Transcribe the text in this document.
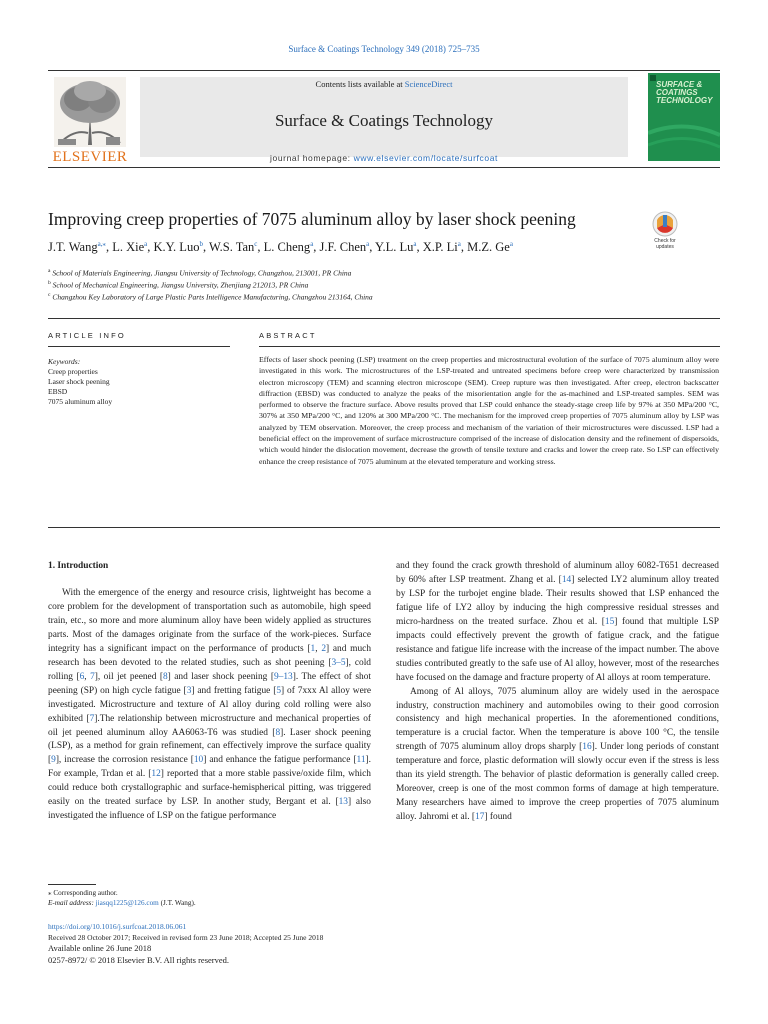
Surface & Coatings Technology 349 (2018) 725–735
ELSEVIER
Contents lists available at ScienceDirect
Surface & Coatings Technology
journal homepage: www.elsevier.com/locate/surfcoat
SURFACE & COATINGS TECHNOLOGY
Improving creep properties of 7075 aluminum alloy by laser shock peening
Check for updates
J.T. Wang$^{a,⁎}$, L. Xie$^a$, K.Y. Luo$^b$, W.S. Tan$^c$, L. Cheng$^a$, J.F. Chen$^a$, Y.L. Lu$^a$, X.P. Li$^a$, M.Z. Ge$^a$
$^a$ School of Materials Engineering, Jiangsu University of Technology, Changzhou, 213001, PR China
$^b$ School of Mechanical Engineering, Jiangsu University, Zhenjiang 212013, PR China
$^c$ Changzhou Key Laboratory of Large Plastic Parts Intelligence Manufacturing, Changzhou 213164, China
ARTICLE INFO	ABSTRACT
Keywords:
Creep properties
Laser shock peening
EBSD
7075 aluminum alloy
Effects of laser shock peening (LSP) treatment on the creep properties and microstructural evolution of the surface of 7075 aluminum alloy were investigated in this work. The microstructures of the LSP-treated and untreated specimens before creep were characterized by transmission electron microscopy (TEM) and scanning electron microscope (SEM). Creep rupture was then investigated. After creep, electron backscatter diffraction (EBSD) was conducted to analyze the peaks of the misorientation angle for the as-machined and LSP-treated samples. SEM was performed to observe the fracture surface. Above results proved that LSP could enhance the steady-stage creep life by 97% at 350 MPa/200 °C, 307% at 350 MPa/200 °C, and 120% at 300 MPa/200 °C. The mechanism for the improved creep properties of 7075 aluminum alloy by LSP was analyzed by TEM observation. Moreover, the creep process and mechanism of the variation of their microstructures were discussed. LSP had a beneficial effect on the improvement of surface microstructure comprised of the increase of dislocation density and the refinement of dispersoids, which would hinder the dislocation movement, decrease the growth of tensile texture and cracks and lower the creep rate. So LSP can effectively enhance the creep resistance of 7075 aluminum at the elevated temperature and working stress.
1. Introduction

With the emergence of the energy and resource crisis, lightweight has become a core problem for the development of transportation such as automobile, high speed train, etc., so more and more aluminum alloy have been widely applied as structures parts. Most of the damages originate from the surface of the work-pieces. Surface integrity has a significant impact on the performance of products [1, 2] and much research has been devoted to the related studies, such as shot peening [3–5], cold rolling [6, 7], oil jet peened [8] and laser shock peening [9–13]. The effect of shot peening (SP) on high cycle fatigue [3] and fretting fatigue [5] of 7xxx Al alloy were investigated. Microstructure and texture of Al alloy during cold rolling were also exhibited [7].The relationship between microstructure and mechanical properties of oil jet peened aluminum alloy AA6063-T6 was studied [8]. Laser shock peening (LSP), as a method for grain refinement, can effectively improve the surface quality [9], increase the corrosion resistance [10] and enhance the fatigue performance [11]. For example, Trdan et al. [12] reported that a more stable passive/oxide film, which could reduce both crystallographic and surface-hemispherical pitting, was triggered easily on the treated surface by LSP. In another study, Bergant et al. [13] also investigated the influence of LSP on the fatigue performance

and they found the crack growth threshold of aluminum alloy 6082-T651 decreased by 60% after LSP treatment. Zhang et al. [14] selected LY2 aluminum alloy treated by LSP for the turbojet engine blade. Their results showed that LSP enhanced the fatigue life of LY2 alloy by inducing the high compressive residual stresses and micro-hardness on the treated surface. Zhou et al. [15] found that multiple LSP impacts could effectively prevent the growth of fatigue crack, and the fatigue resistance and fatigue life increase with the increase of the impact number. The above studies contributed greatly to the safe use of Al alloy, however, most of the researches have focused on the damage and fracture property of Al alloys at room temperature.

Among of Al alloys, 7075 aluminum alloy are widely used in the aerospace industry, construction machinery and automobiles owing to their good corrosion consistency and high mechanical properties. In the aforementioned conditions, temperature is a crucial factor. When the temperature is above 100 °C, the tensile strength of 7075 aluminum alloy drops sharply [16]. Under long periods of constant temperature and force, plastic deformation will slowly occur even if the stress is less than its yield strength. The behavior of plastic deformation is generally called creep. Moreover, creep is one of the most common forms of damage at high temperature. Many researchers have aimed to improve the creep properties of 7075 aluminum alloy. Jahromi et al. [17] found

⁎ Corresponding author.
E-mail address: jiasqq1225@126.com (J.T. Wang).
https://doi.org/10.1016/j.surfcoat.2018.06.061
Received 28 October 2017; Received in revised form 23 June 2018; Accepted 25 June 2018
Available online 26 June 2018
0257-8972/ © 2018 Elsevier B.V. All rights reserved.
